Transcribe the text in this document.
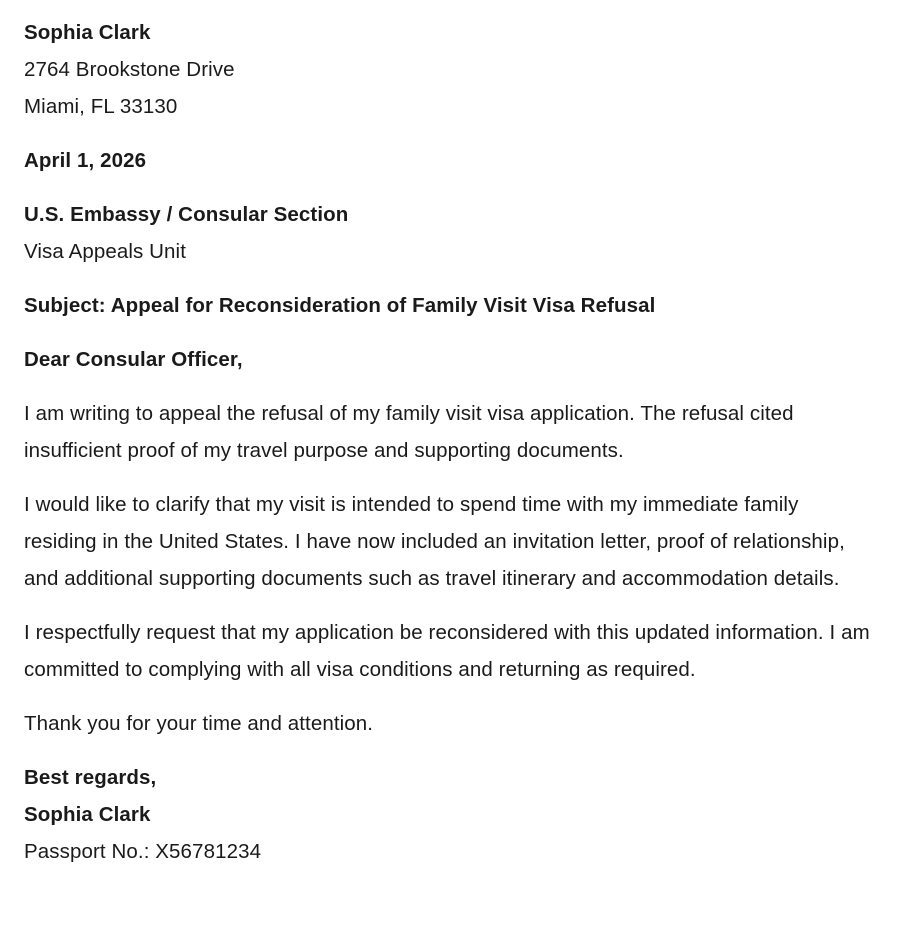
Sophia Clark
2764 Brookstone Drive
Miami, FL 33130
April 1, 2026
U.S. Embassy / Consular Section
Visa Appeals Unit
Subject: Appeal for Reconsideration of Family Visit Visa Refusal
Dear Consular Officer,

I am writing to appeal the refusal of my family visit visa application. The refusal cited insufficient proof of my travel purpose and supporting documents.

I would like to clarify that my visit is intended to spend time with my immediate family residing in the United States. I have now included an invitation letter, proof of relationship, and additional supporting documents such as travel itinerary and accommodation details.

I respectfully request that my application be reconsidered with this updated information. I am committed to complying with all visa conditions and returning as required.

Thank you for your time and attention.

Best regards,
Sophia Clark
Passport No.: X56781234
